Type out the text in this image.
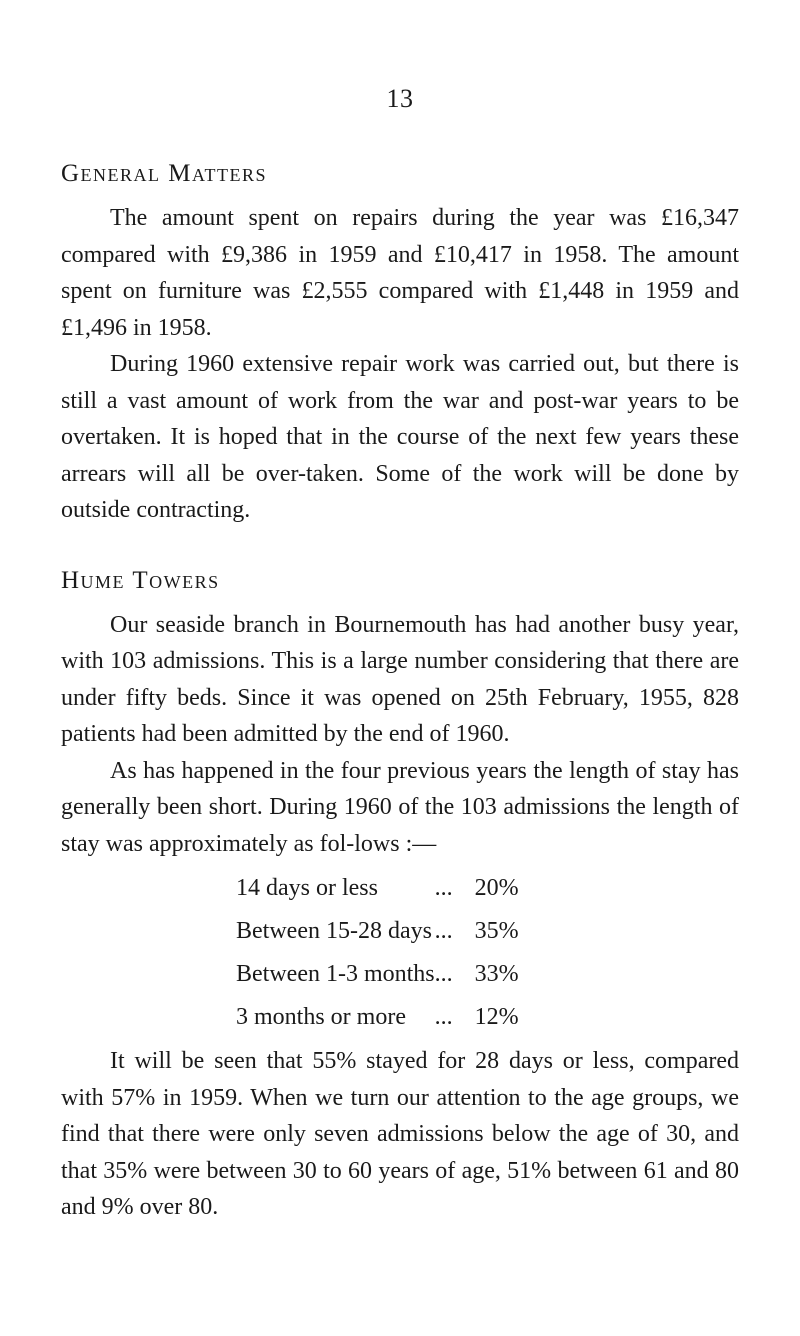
13
General Matters

The amount spent on repairs during the year was £16,347 compared with £9,386 in 1959 and £10,417 in 1958. The amount spent on furniture was £2,555 compared with £1,448 in 1959 and £1,496 in 1958.

During 1960 extensive repair work was carried out, but there is still a vast amount of work from the war and post-war years to be overtaken. It is hoped that in the course of the next few years these arrears will all be over-taken. Some of the work will be done by outside contracting.

Hume Towers

Our seaside branch in Bournemouth has had another busy year, with 103 admissions. This is a large number considering that there are under fifty beds. Since it was opened on 25th February, 1955, 828 patients had been admitted by the end of 1960.

As has happened in the four previous years the length of stay has generally been short. During 1960 of the 103 admissions the length of stay was approximately as fol-lows :—

14 days or less	...	20%
Between 15-28 days	...	35%
Between 1-3 months	...	33%
3 months or more	...	12%

It will be seen that 55% stayed for 28 days or less, compared with 57% in 1959. When we turn our attention to the age groups, we find that there were only seven admissions below the age of 30, and that 35% were between 30 to 60 years of age, 51% between 61 and 80 and 9% over 80.
